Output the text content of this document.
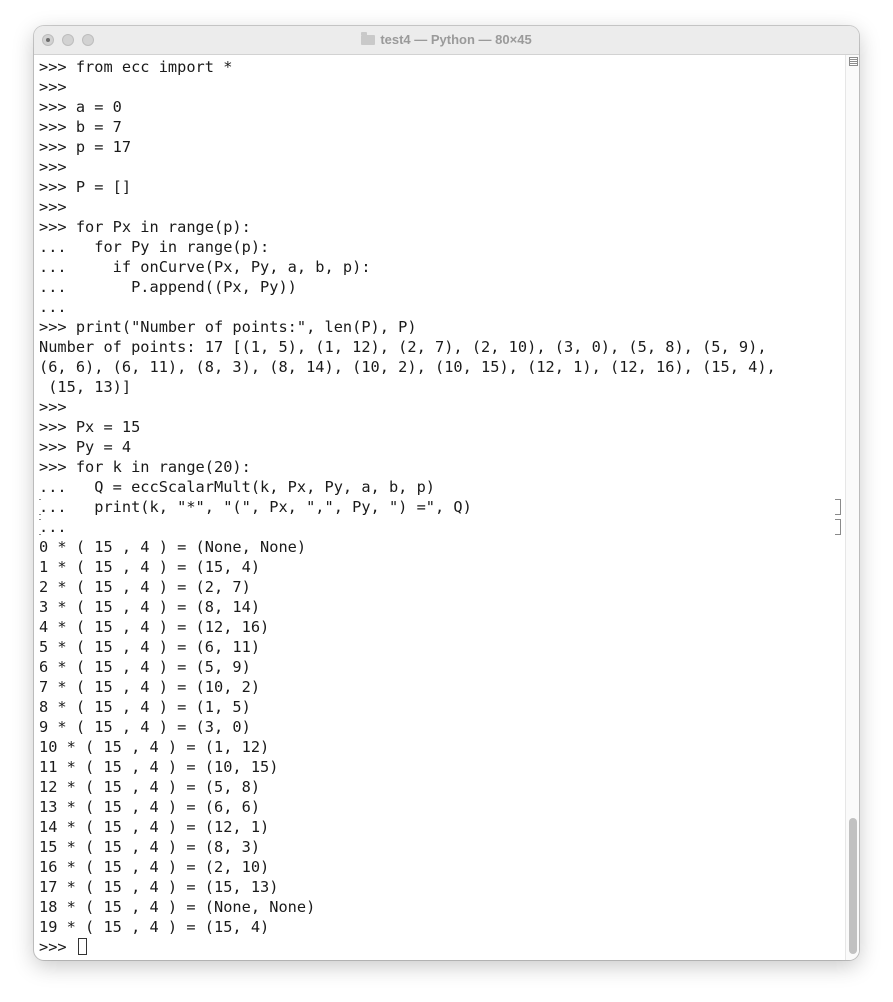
test4 — Python — 80×45
>>> from ecc import *
>>>
>>> a = 0
>>> b = 7
>>> p = 17
>>>
>>> P = []
>>>
>>> for Px in range(p):
...   for Py in range(p):
...     if onCurve(Px, Py, a, b, p):
...       P.append((Px, Py))
...
>>> print("Number of points:", len(P), P)
Number of points: 17 [(1, 5), (1, 12), (2, 7), (2, 10), (3, 0), (5, 8), (5, 9),
(6, 6), (6, 11), (8, 3), (8, 14), (10, 2), (10, 15), (12, 1), (12, 16), (15, 4),
(15, 13)]
>>>
>>> Px = 15
>>> Py = 4
>>> for k in range(20):
...   Q = eccScalarMult(k, Px, Py, a, b, p)
...   print(k, "*", "(", Px, ",", Py, ") =", Q)
...
0 * ( 15 , 4 ) = (None, None)
1 * ( 15 , 4 ) = (15, 4)
2 * ( 15 , 4 ) = (2, 7)
3 * ( 15 , 4 ) = (8, 14)
4 * ( 15 , 4 ) = (12, 16)
5 * ( 15 , 4 ) = (6, 11)
6 * ( 15 , 4 ) = (5, 9)
7 * ( 15 , 4 ) = (10, 2)
8 * ( 15 , 4 ) = (1, 5)
9 * ( 15 , 4 ) = (3, 0)
10 * ( 15 , 4 ) = (1, 12)
11 * ( 15 , 4 ) = (10, 15)
12 * ( 15 , 4 ) = (5, 8)
13 * ( 15 , 4 ) = (6, 6)
14 * ( 15 , 4 ) = (12, 1)
15 * ( 15 , 4 ) = (8, 3)
16 * ( 15 , 4 ) = (2, 10)
17 * ( 15 , 4 ) = (15, 13)
18 * ( 15 , 4 ) = (None, None)
19 * ( 15 , 4 ) = (15, 4)
>>>
